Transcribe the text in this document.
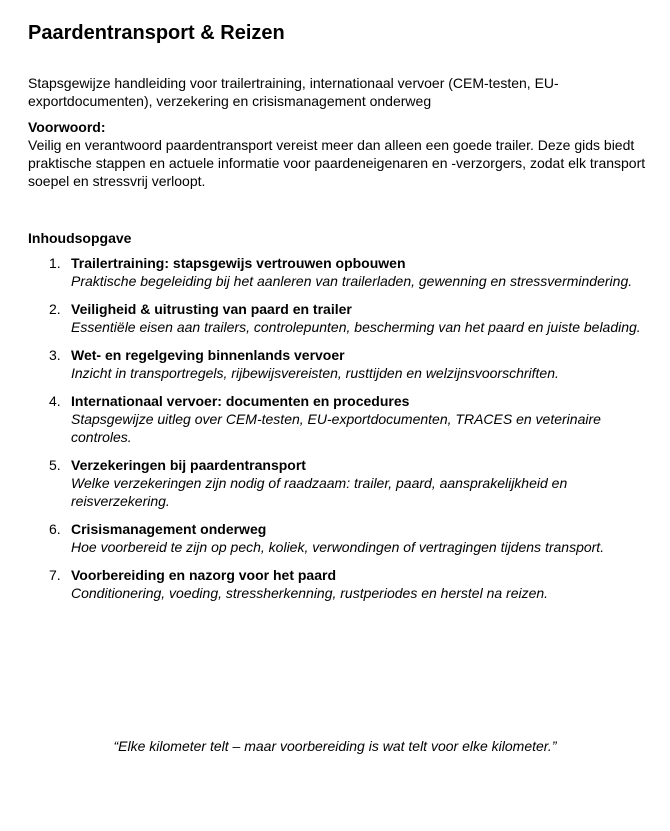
Paardentransport & Reizen

Stapsgewijze handleiding voor trailertraining, internationaal vervoer (CEM-testen, EU-exportdocumenten), verzekering en crisismanagement onderweg

Voorwoord:

Veilig en verantwoord paardentransport vereist meer dan alleen een goede trailer. Deze gids biedt praktische stappen en actuele informatie voor paardeneigenaren en -verzorgers, zodat elk transport soepel en stressvrij verloopt.

Inhoudsopgave

1. Trailertraining: stapsgewijs vertrouwen opbouwen
Praktische begeleiding bij het aanleren van trailerladen, gewenning en stressvermindering.
2. Veiligheid & uitrusting van paard en trailer
Essentiële eisen aan trailers, controlepunten, bescherming van het paard en juiste belading.
3. Wet- en regelgeving binnenlands vervoer
Inzicht in transportregels, rijbewijsvereisten, rusttijden en welzijnsvoorschriften.
4. Internationaal vervoer: documenten en procedures
Stapsgewijze uitleg over CEM-testen, EU-exportdocumenten, TRACES en veterinaire controles.
5. Verzekeringen bij paardentransport
Welke verzekeringen zijn nodig of raadzaam: trailer, paard, aansprakelijkheid en reisverzekering.
6. Crisismanagement onderweg
Hoe voorbereid te zijn op pech, koliek, verwondingen of vertragingen tijdens transport.
7. Voorbereiding en nazorg voor het paard
Conditionering, voeding, stressherkenning, rustperiodes en herstel na reizen.

“Elke kilometer telt – maar voorbereiding is wat telt voor elke kilometer.”
